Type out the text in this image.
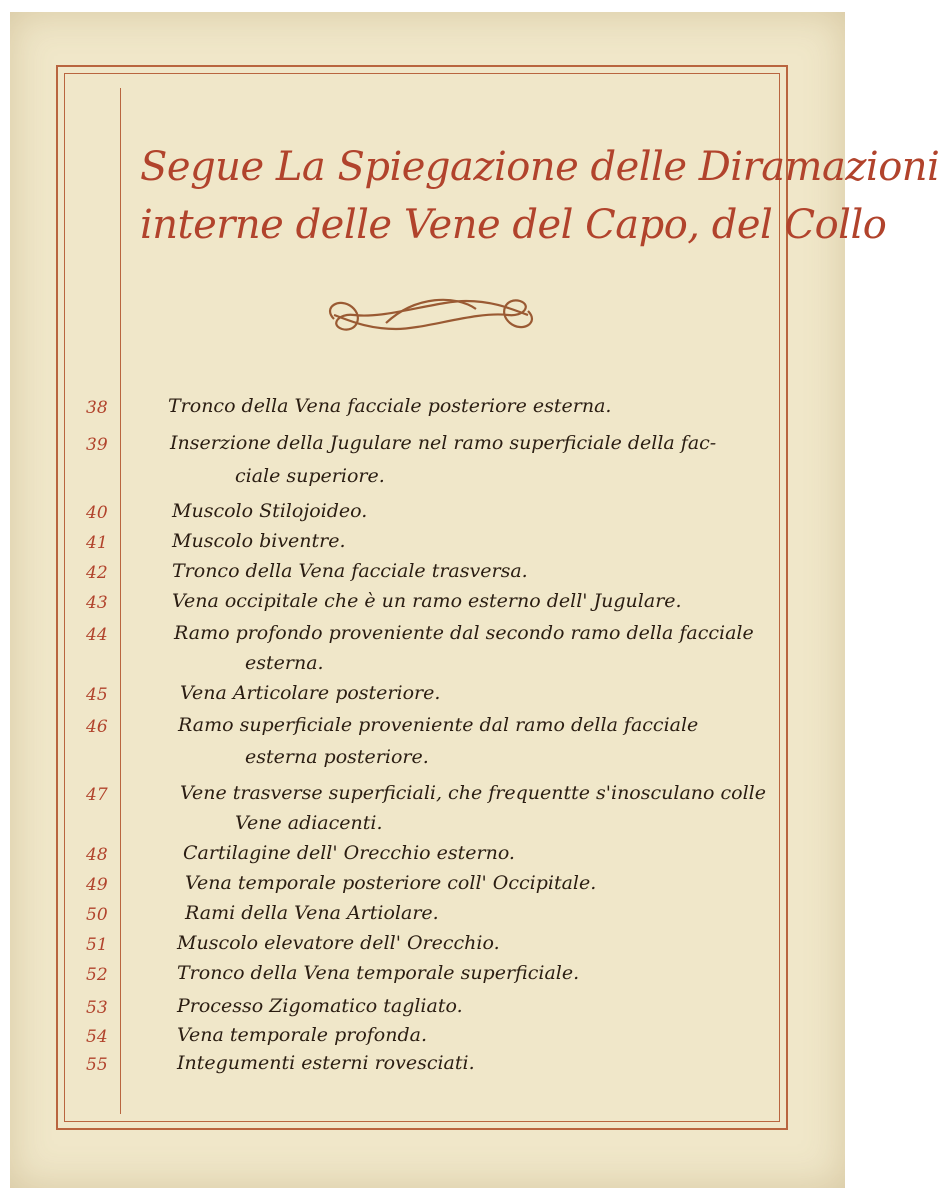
Segue La Spiegazione delle Diramazioni
interne delle Vene del Capo, del Collo
38	Tronco della Vena facciale posteriore esterna.
39	Inserzione della Jugulare nel ramo superficiale della fac-
ciale superiore.
40	Muscolo Stilojoideo.
41	Muscolo biventre.
42	Tronco della Vena facciale trasversa.
43	Vena occipitale che è un ramo esterno dell' Jugulare.
44	Ramo profondo proveniente dal secondo ramo della facciale
esterna.
45	Vena Articolare posteriore.
46	Ramo superficiale proveniente dal ramo della facciale
esterna posteriore.
47	Vene trasverse superficiali, che frequentte s'inosculano colle
Vene adiacenti.
48	Cartilagine dell' Orecchio esterno.
49	Vena temporale posteriore coll' Occipitale.
50	Rami della Vena Artiolare.
51	Muscolo elevatore dell' Orecchio.
52	Tronco della Vena temporale superficiale.
53	Processo Zigomatico tagliato.
54	Vena temporale profonda.
55	Integumenti esterni rovesciati.
